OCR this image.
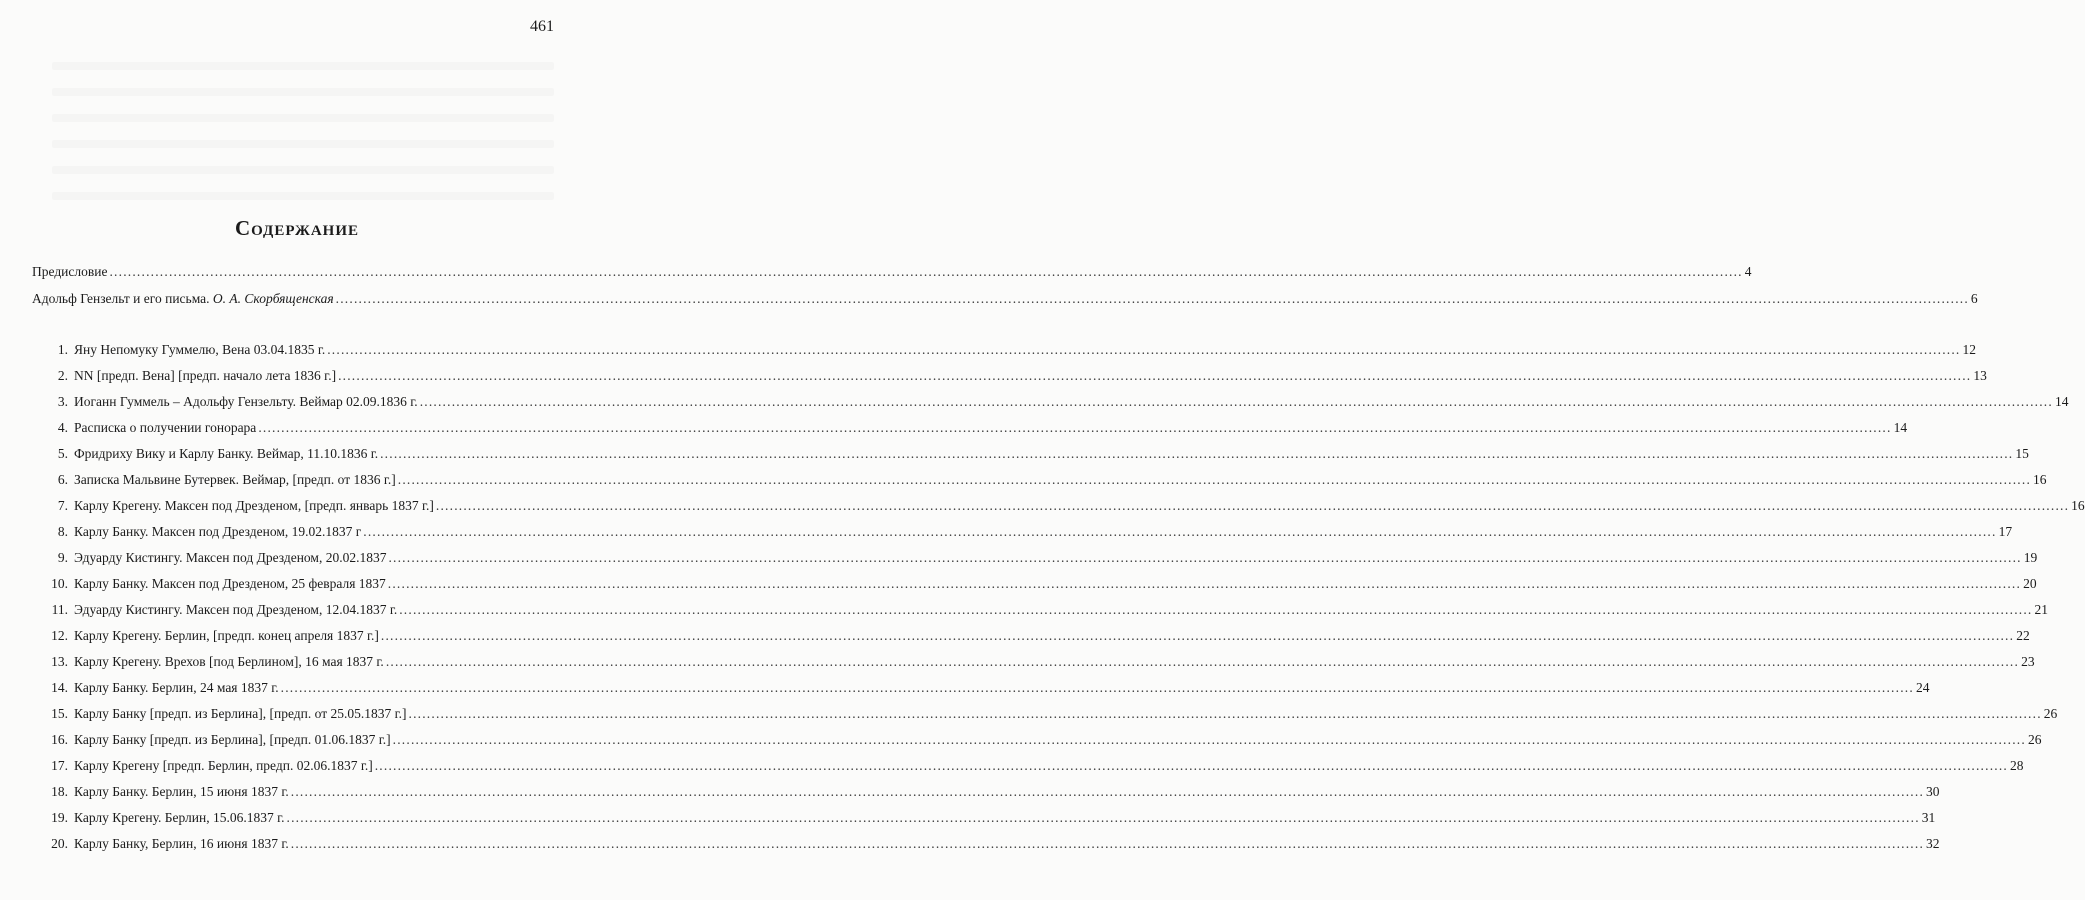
461
Содержание
Предисловие .....	4
Адольф Гензельт и его письма. О. А. Скорбященская .....	6
1. Яну Непомуку Гуммелю, Вена 03.04.1835 г. .....	12
2. NN [предп. Вена] [предп. начало лета 1836 г.] .....	13
3. Иоганн Гуммель – Адольфу Гензельту. Веймар 02.09.1836 г. .....	14
4. Расписка о получении гонорара .....	14
5. Фридриху Вику и Карлу Банку. Веймар, 11.10.1836 г. .....	15
6. Записка Мальвине Бутервек. Веймар, [предп. от 1836 г.] .....	16
7. Карлу Крегену. Максен под Дрезденом, [предп. январь 1837 г.] .....	16
8. Карлу Банку. Максен под Дрезденом, 19.02.1837 г .....	17
9. Эдуарду Кистингу. Максен под Дрезденом, 20.02.1837 .....	19
10. Карлу Банку. Максен под Дрезденом, 25 февраля 1837 .....	20
11. Эдуарду Кистингу. Максен под Дрезденом, 12.04.1837 г. .....	21
12. Карлу Крегену. Берлин, [предп. конец апреля 1837 г.] .....	22
13. Карлу Крегену. Врехов [под Берлином], 16 мая 1837 г. .....	23
14. Карлу Банку. Берлин, 24 мая 1837 г. .....	24
15. Карлу Банку [предп. из Берлина], [предп. от 25.05.1837 г.] .....	26
16. Карлу Банку [предп. из Берлина], [предп. 01.06.1837 г.] .....	26
17. Карлу Крегену [предп. Берлин, предп. 02.06.1837 г.] .....	28
18. Карлу Банку. Берлин, 15 июня 1837 г. .....	30
19. Карлу Крегену. Берлин, 15.06.1837 г. .....	31
20. Карлу Банку, Берлин, 16 июня 1837 г. .....	32
